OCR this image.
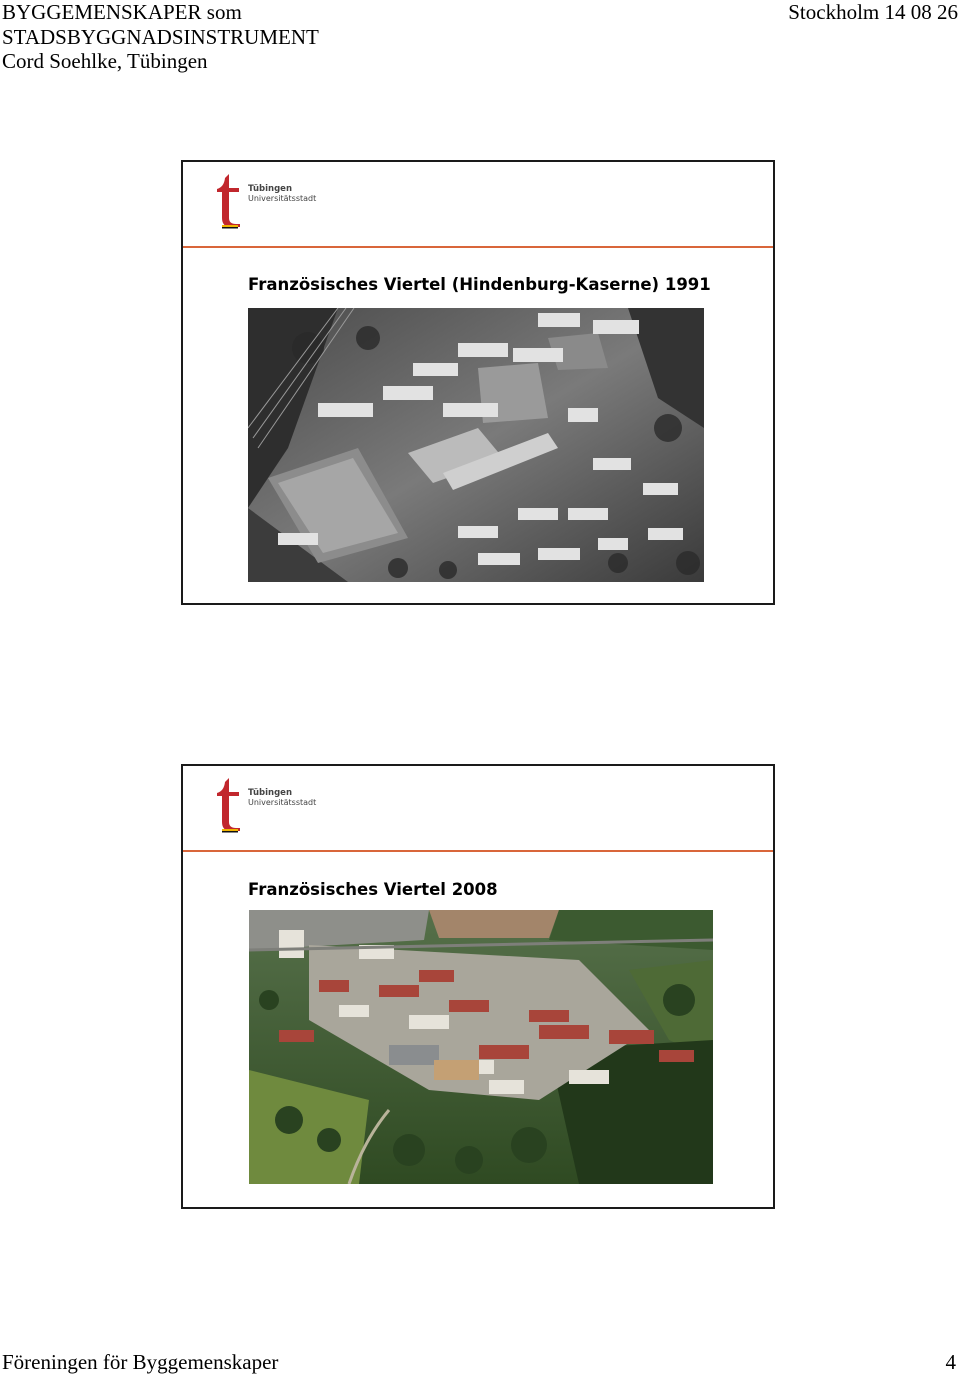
BYGGEMENSKAPER som
STADSBYGGNADSINSTRUMENT
Cord Soehlke, Tübingen
Stockholm 14 08 26
Tübingen
Universitätsstadt
Französisches Viertel (Hindenburg-Kaserne) 1991
Tübingen
Universitätsstadt
Französisches Viertel 2008
Föreningen för Byggemenskaper	4
